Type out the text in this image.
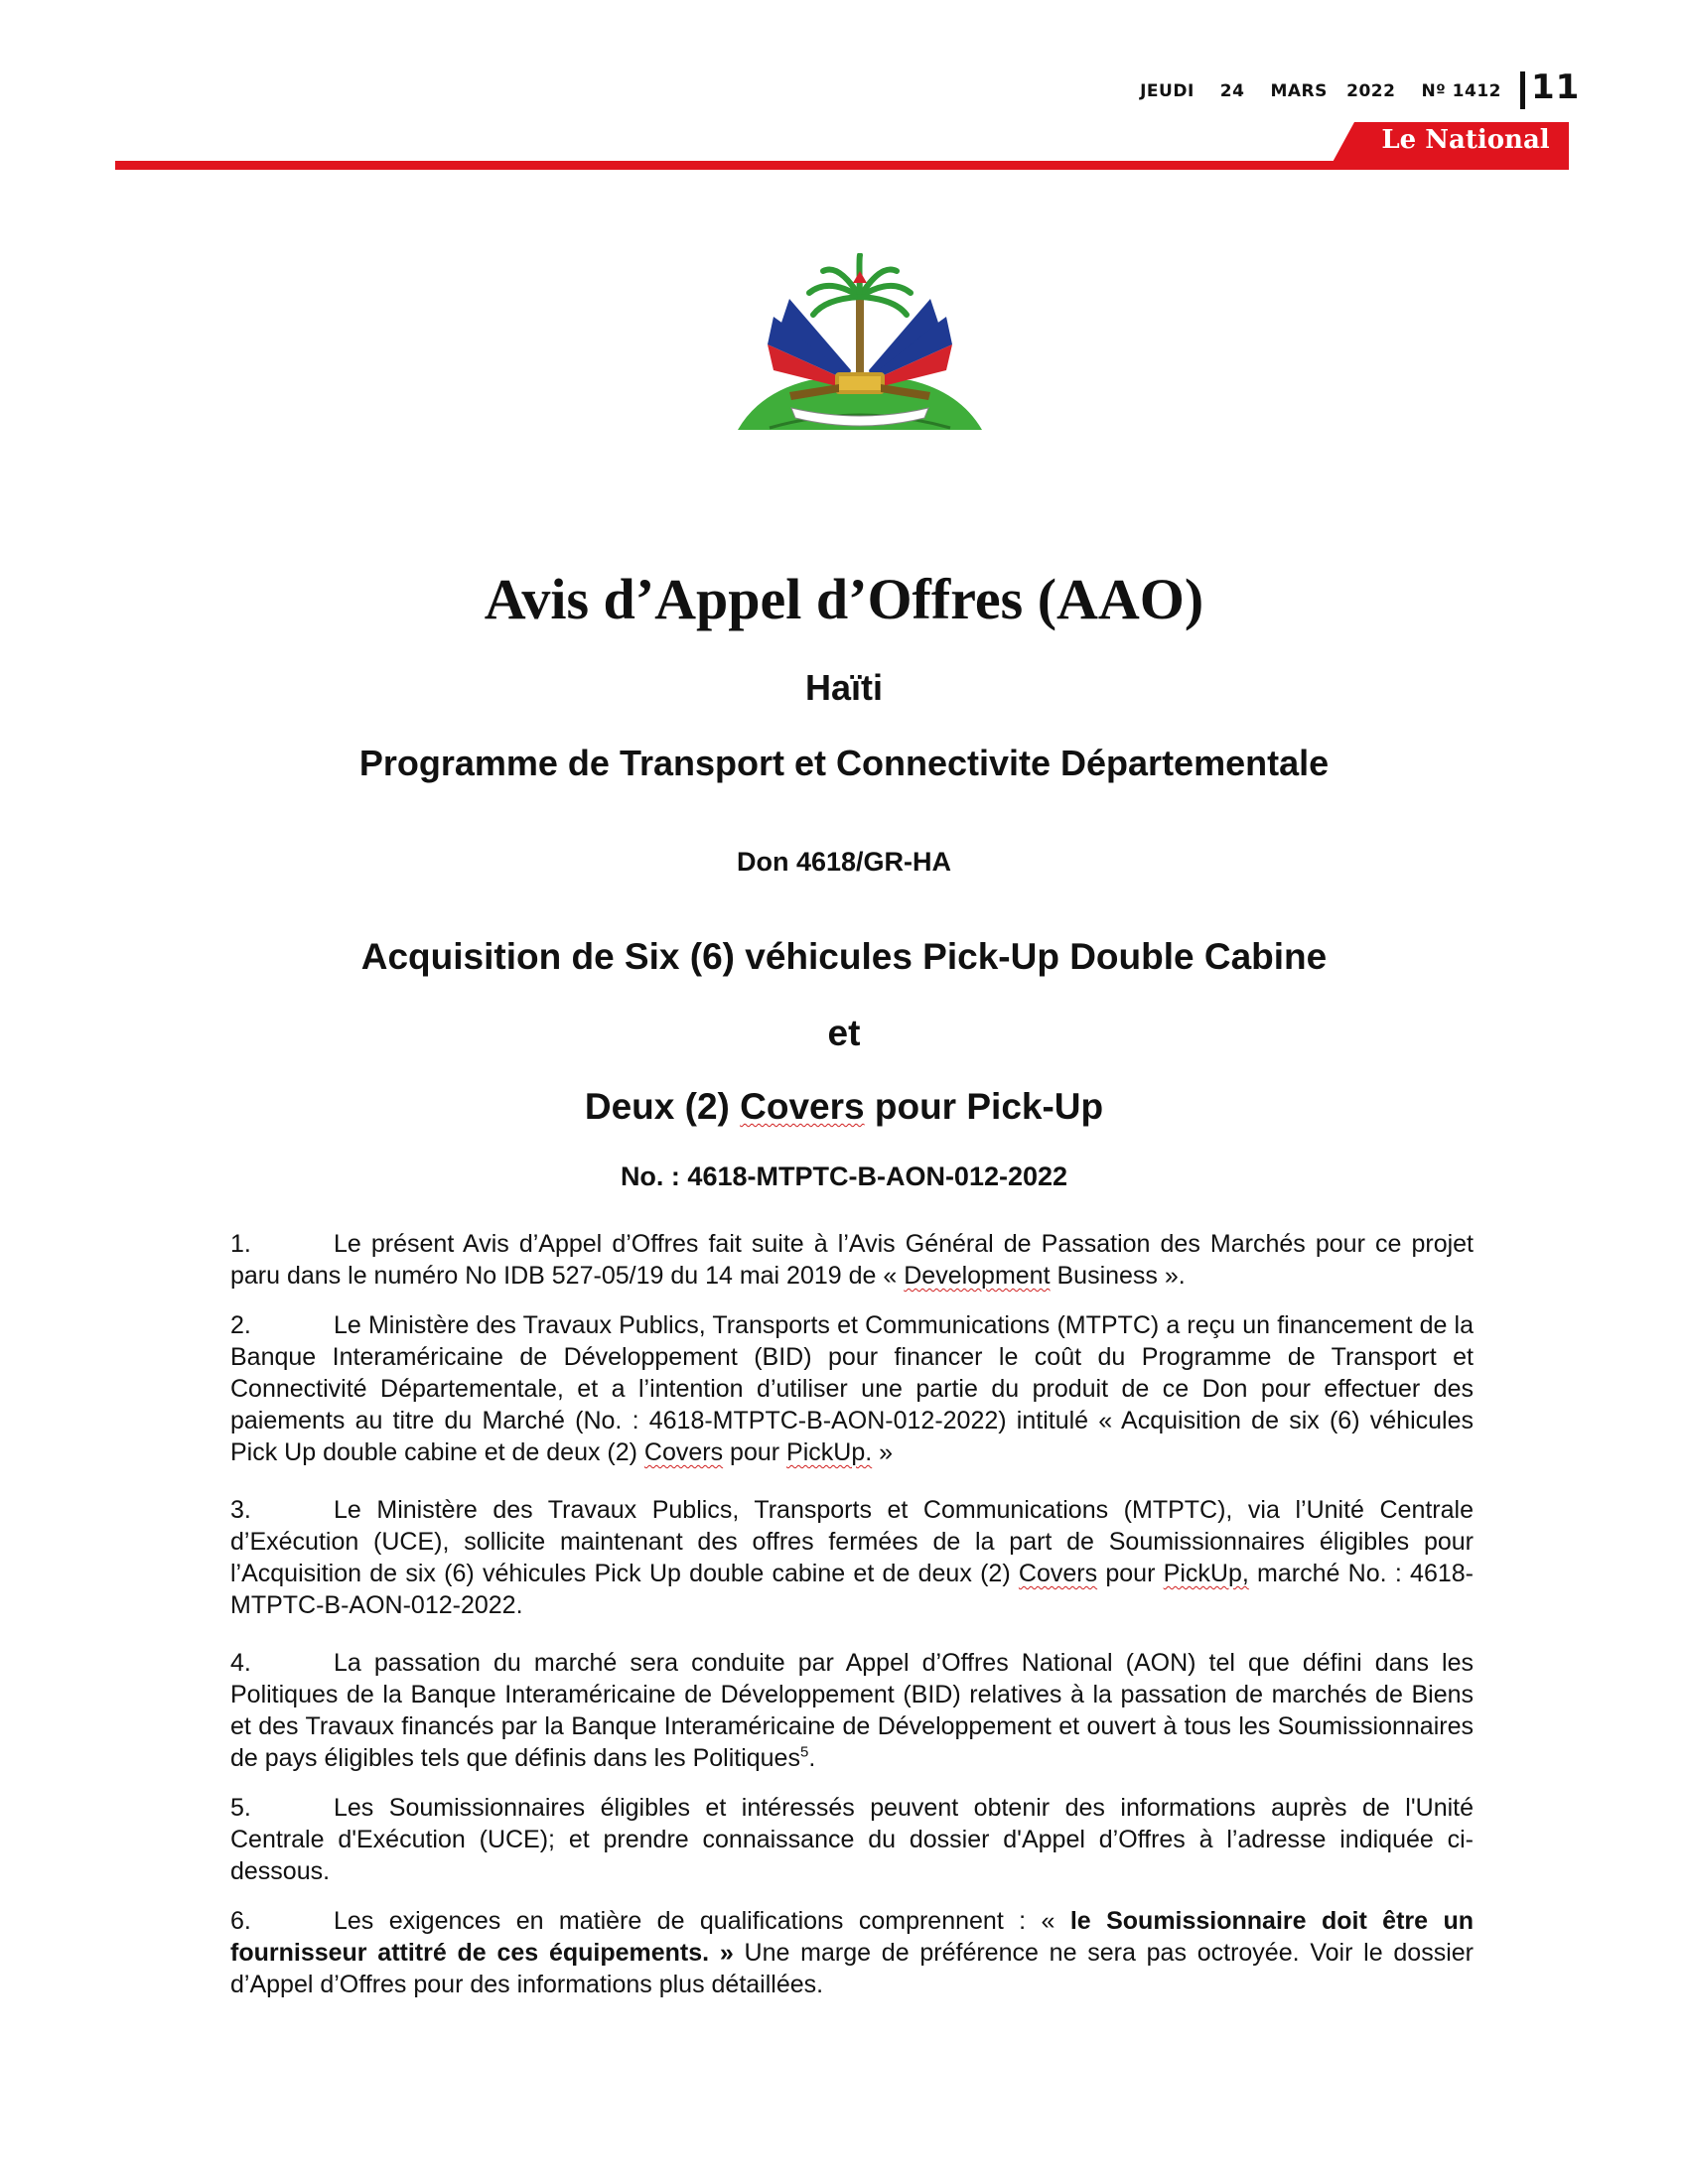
JEUDI 24 MARS   2022 Nº 1412 11
Le National
Avis d’Appel d’Offres (AAO)
Haïti
Programme de Transport et Connectivite Départementale
Don 4618/GR-HA
Acquisition de Six (6) véhicules Pick-Up Double Cabine
et
Deux (2) Covers pour Pick-Up
No. : 4618-MTPTC-B-AON-012-2022

1.	Le présent Avis d’Appel d’Offres fait suite à l’Avis Général de Passation des Marchés pour ce projet paru dans le numéro No IDB 527-05/19 du 14 mai 2019 de « Development Business ».

2.	Le Ministère des Travaux Publics, Transports et Communications (MTPTC) a reçu un financement de la Banque Interaméricaine de Développement (BID) pour financer le coût du Programme de Transport et Connectivité Départementale, et a l’intention d’utiliser une partie du produit de ce Don pour effectuer des paiements au titre du Marché (No. : 4618-MTPTC-B-AON-012-2022) intitulé « Acquisition de six (6) véhicules Pick Up double cabine et de deux (2) Covers pour PickUp. »

3.	Le Ministère des Travaux Publics, Transports et Communications (MTPTC), via l’Unité Centrale d’Exécution (UCE), sollicite maintenant des offres fermées de la part de Soumissionnaires éligibles pour l’Acquisition de six (6) véhicules Pick Up double cabine et de deux (2) Covers pour PickUp, marché No. : 4618-MTPTC-B-AON-012-2022.

4.	La passation du marché sera conduite par Appel d’Offres National (AON) tel que défini dans les Politiques de la Banque Interaméricaine de Développement (BID) relatives à la passation de marchés de Biens et des Travaux financés par la Banque Interaméricaine de Développement et ouvert à tous les Soumissionnaires de pays éligibles tels que définis dans les Politiques$^5$.

5.	Les Soumissionnaires éligibles et intéressés peuvent obtenir des informations auprès de l'Unité Centrale d'Exécution (UCE); et prendre connaissance du dossier d'Appel d’Offres à l’adresse indiquée ci-dessous.

6.	Les exigences en matière de qualifications comprennent : « le Soumissionnaire doit être un fournisseur attitré de ces équipements. » Une marge de préférence ne sera pas octroyée. Voir le dossier d’Appel d’Offres pour des informations plus détaillées.
